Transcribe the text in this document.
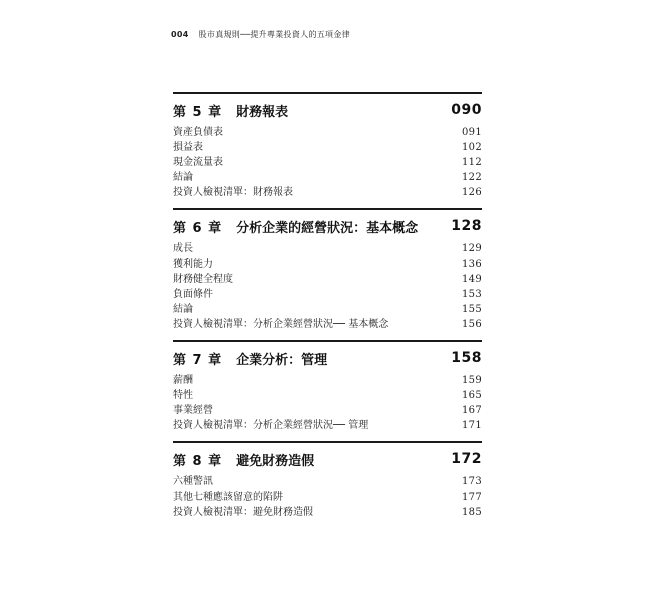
004 股市真規則──提升專業投資人的五項金律
第 5 章 財務報表	090
資產負債表	091
損益表	102
現金流量表	112
結論	122
投資人檢視清單：財務報表	126
第 6 章 分析企業的經營狀況：基本概念 128
成長	129
獲利能力	136
財務健全程度	149
負面條件	153
結論	155
投資人檢視清單：分析企業經營狀況── 基本概念	156
第 7 章 企業分析：管理	158
薪酬	159
特性	165
事業經營	167
投資人檢視清單：分析企業經營狀況── 管理	171
第 8 章 避免財務造假	172
六種警訊	173
其他七種應該留意的陷阱	177
投資人檢視清單：避免財務造假	185
